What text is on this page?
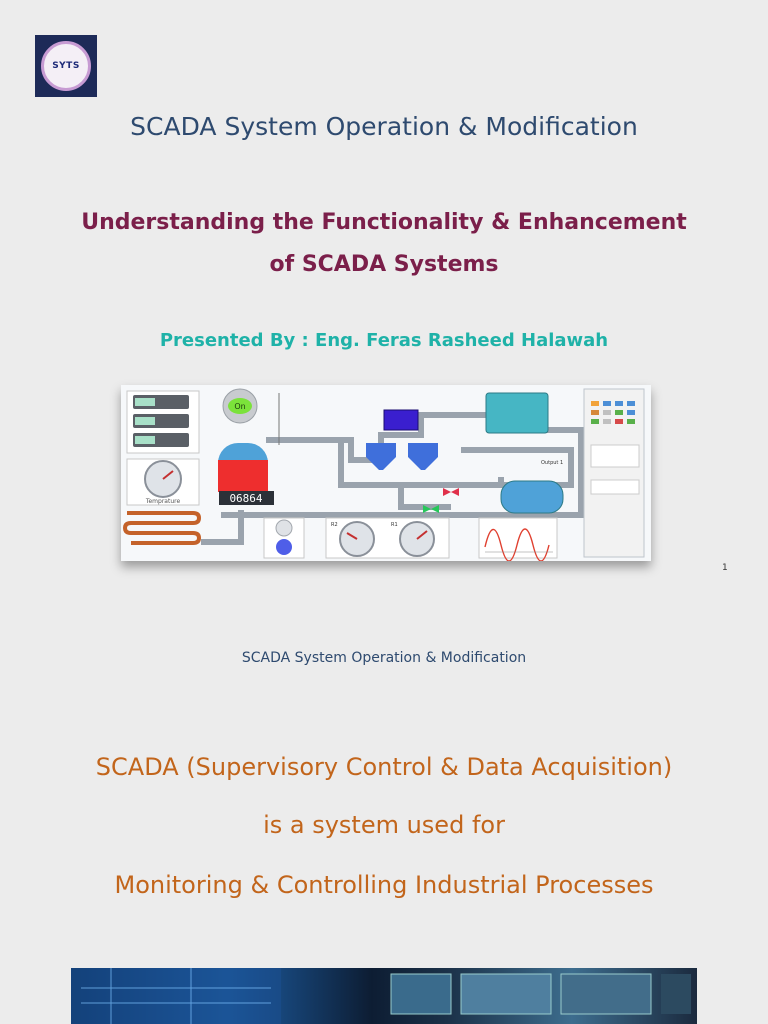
SYTS
SCADA System Operation & Modification
Understanding the Functionality & Enhancement
of SCADA Systems
Presented By : Eng. Feras Rasheed Halawah
Temprature
On
06864
Output 1
R2	R1
1
SCADA System Operation & Modification
SCADA (Supervisory Control & Data Acquisition)
is a system used for
Monitoring & Controlling Industrial Processes
